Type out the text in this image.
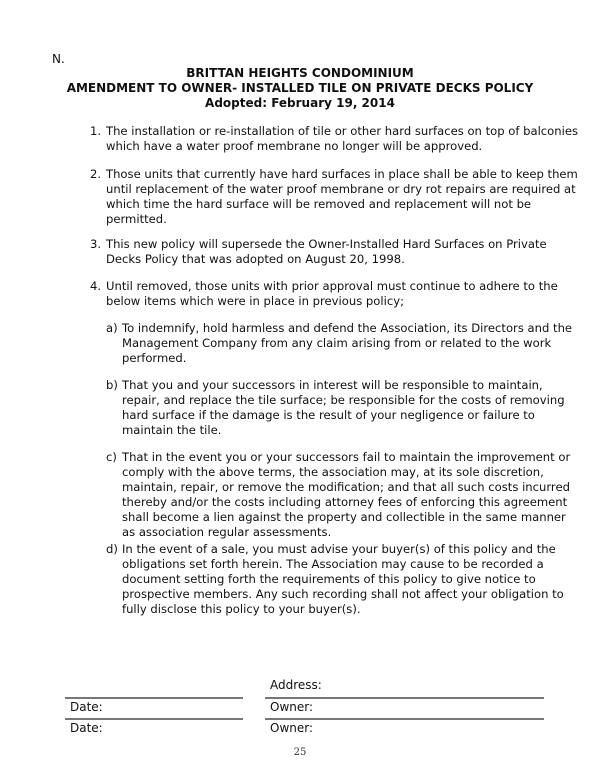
N.
BRITTAN HEIGHTS CONDOMINIUM
AMENDMENT TO OWNER- INSTALLED TILE ON PRIVATE DECKS POLICY
Adopted: February 19, 2014
1. The installation or re-installation of tile or other hard surfaces on top of balconies
which have a water proof membrane no longer will be approved.
2. Those units that currently have hard surfaces in place shall be able to keep them
until replacement of the water proof membrane or dry rot repairs are required at
which time the hard surface will be removed and replacement will not be
permitted.
3. This new policy will supersede the Owner-Installed Hard Surfaces on Private
Decks Policy that was adopted on August 20, 1998.
4. Until removed, those units with prior approval must continue to adhere to the
below items which were in place in previous policy;
a) To indemnify, hold harmless and defend the Association, its Directors and the
Management Company from any claim arising from or related to the work
performed.
b) That you and your successors in interest will be responsible to maintain,
repair, and replace the tile surface; be responsible for the costs of removing
hard surface if the damage is the result of your negligence or failure to
maintain the tile.
c) That in the event you or your successors fail to maintain the improvement or
comply with the above terms, the association may, at its sole discretion,
maintain, repair, or remove the modification; and that all such costs incurred
thereby and/or the costs including attorney fees of enforcing this agreement
shall become a lien against the property and collectible in the same manner
as association regular assessments.
d) In the event of a sale, you must advise your buyer(s) of this policy and the
obligations set forth herein. The Association may cause to be recorded a
document setting forth the requirements of this policy to give notice to
prospective members. Any such recording shall not affect your obligation to
fully disclose this policy to your buyer(s).
Address:
Date:	Owner:
Date:	Owner:
25
